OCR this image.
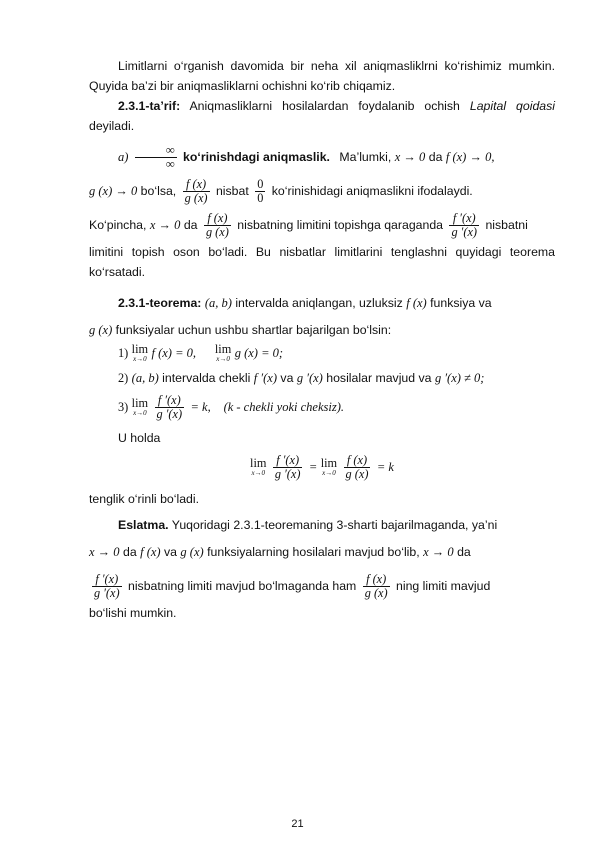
Limitlarni o‘rganish davomida bir neha xil aniqmasliklrni ko‘rishimiz mumkin. Quyida ba’zi bir aniqmasliklarni ochishni ko‘rib chiqamiz.

2.3.1-ta’rif: Aniqmasliklarni hosilalardan foydalanib ochish Lapital qoidasi deyiladi.

$a) \frac{\infty}{\infty}$ ko‘rinishdagi aniqmaslik. Ma’lumki, x → 0 da f (x) → 0,

g (x) → 0 bo‘lsa, $\frac{f (x)}{g (x)}$ nisbat $\frac{0}{0}$ ko‘rinishidagi aniqmaslikni ifodalaydi.

Ko‘pincha, x → 0 da $\frac{f (x)}{g (x)}$ nisbatning limitini topishga qaraganda $\frac{f '(x)}{g '(x)}$ nisbatni

limitini topish oson bo‘ladi. Bu nisbatlar limitlarini tenglashni quyidagi teorema ko‘rsatadi.

2.3.1-teorema: (a, b) intervalda aniqlangan, uzluksiz f (x) funksiya va

g (x) funksiyalar uchun ushbu shartlar bajarilgan bo‘lsin:

1) lim
x→0 f (x) = 0, lim
x→0 g (x) = 0;

2) (a, b) intervalda chekli f ′(x) va g ′(x) hosilalar mavjud va g ′(x) ≠ 0;

3) lim
x→0
$\frac{f '(x)}{g '(x)} = k$, (k - chekli yoki cheksiz).

U holda

lim
x→0
$\frac{f '(x)}{g '(x)} = \lim$
x→0
$\frac{f (x)}{g (x)} = k$

tenglik o‘rinli bo‘ladi.

Eslatma. Yuqoridagi 2.3.1-teoremaning 3-sharti bajarilmaganda, ya’ni

x → 0 da f (x) va g (x) funksiyalarning hosilalari mavjud bo‘lib, x → 0 da

$\frac{f '(x)}{g '(x)}$ nisbatning limiti mavjud bo‘lmaganda ham $\frac{f (x)}{g (x)}$ ning limiti mavjud

bo‘lishi mumkin.

21
